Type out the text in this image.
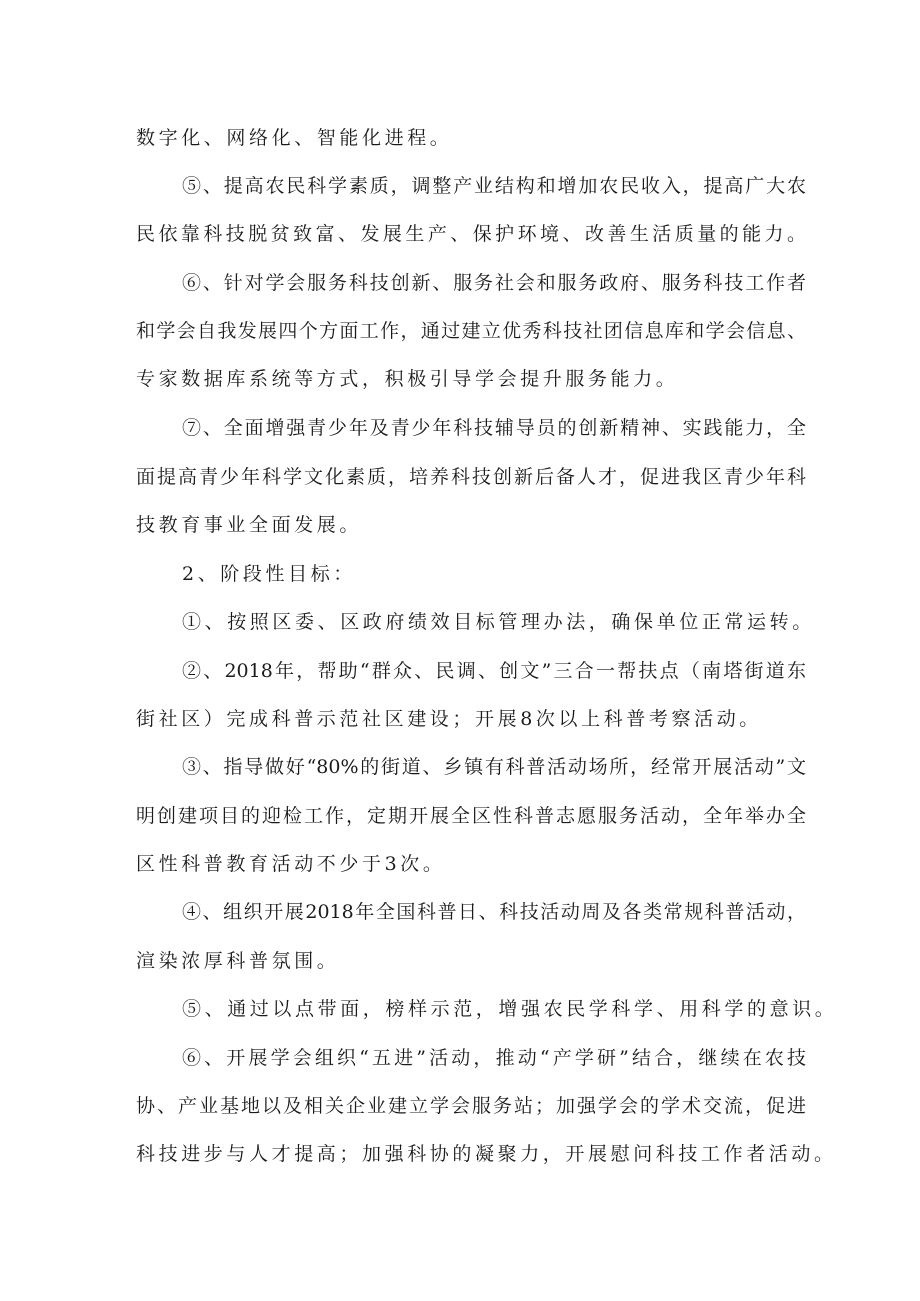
数字化、网络化、智能化进程。
⑤、提高农民科学素质，调整产业结构和增加农民收入，提高广大农
民依靠科技脱贫致富、发展生产、保护环境、改善生活质量的能力。
⑥、针对学会服务科技创新、服务社会和服务政府、服务科技工作者
和学会自我发展四个方面工作，通过建立优秀科技社团信息库和学会信息、
专家数据库系统等方式，积极引导学会提升服务能力。
⑦、全面增强青少年及青少年科技辅导员的创新精神、实践能力，全
面提高青少年科学文化素质，培养科技创新后备人才，促进我区青少年科
技教育事业全面发展。
2、阶段性目标：
①、按照区委、区政府绩效目标管理办法，确保单位正常运转。
②、2018年，帮助“群众、民调、创文”三合一帮扶点（南塔街道东
街社区）完成科普示范社区建设；开展8次以上科普考察活动。
③、指导做好“80%的街道、乡镇有科普活动场所，经常开展活动”文
明创建项目的迎检工作，定期开展全区性科普志愿服务活动，全年举办全
区性科普教育活动不少于3次。
④、组织开展2018年全国科普日、科技活动周及各类常规科普活动，
渲染浓厚科普氛围。
⑤、通过以点带面，榜样示范，增强农民学科学、用科学的意识。
⑥、开展学会组织“五进”活动，推动“产学研”结合，继续在农技
协、产业基地以及相关企业建立学会服务站；加强学会的学术交流，促进
科技进步与人才提高；加强科协的凝聚力，开展慰问科技工作者活动。
